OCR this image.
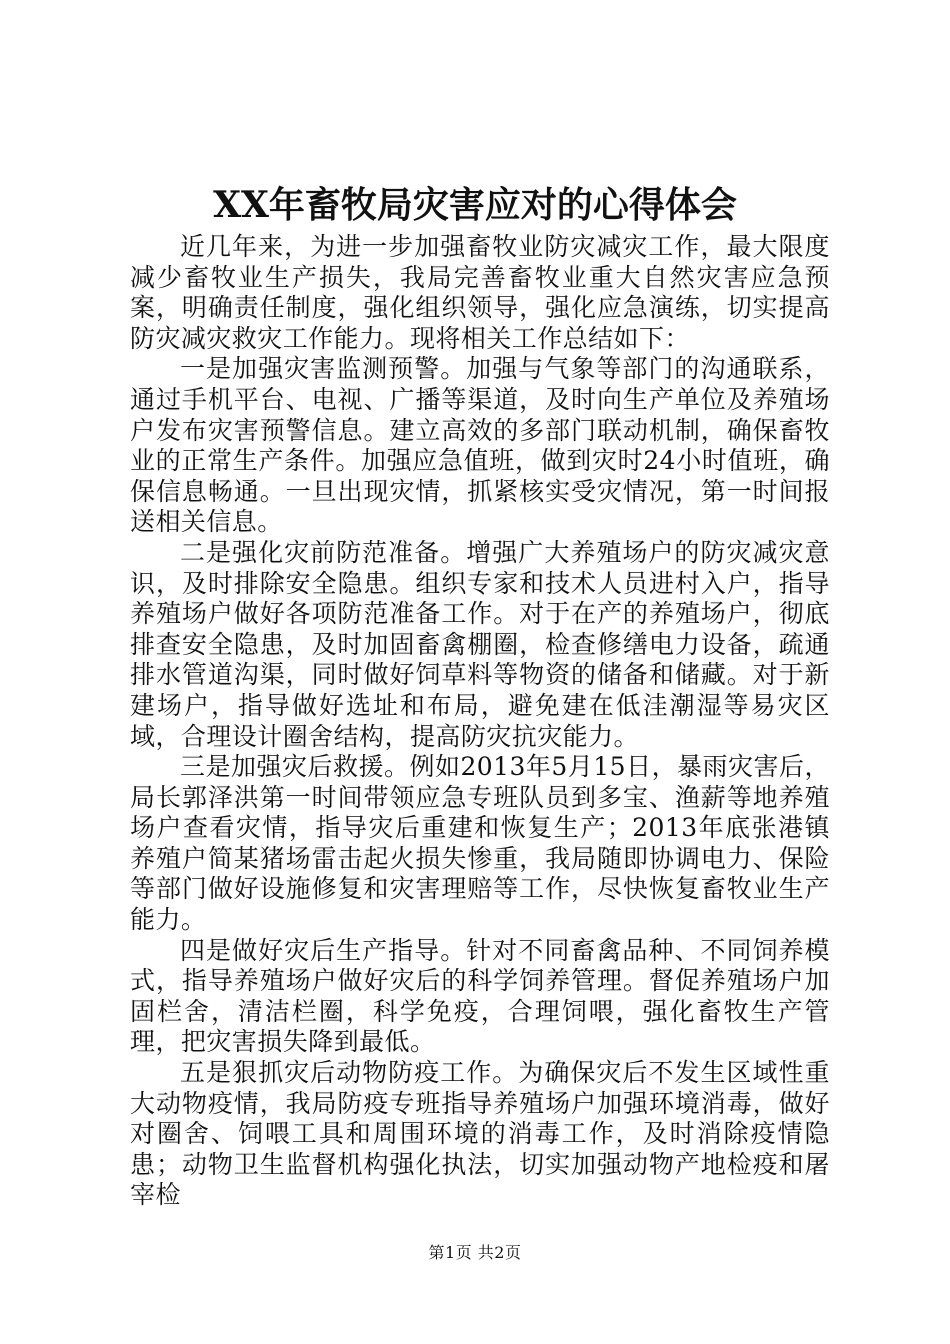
XX年畜牧局灾害应对的心得体会

近几年来，为进一步加强畜牧业防灾减灾工作，最大限度减少畜牧业生产损失，我局完善畜牧业重大自然灾害应急预案，明确责任制度，强化组织领导，强化应急演练，切实提高防灾减灾救灾工作能力。现将相关工作总结如下：

一是加强灾害监测预警。加强与气象等部门的沟通联系，通过手机平台、电视、广播等渠道，及时向生产单位及养殖场户发布灾害预警信息。建立高效的多部门联动机制，确保畜牧业的正常生产条件。加强应急值班，做到灾时24小时值班，确保信息畅通。一旦出现灾情，抓紧核实受灾情况，第一时间报送相关信息。

二是强化灾前防范准备。增强广大养殖场户的防灾减灾意识，及时排除安全隐患。组织专家和技术人员进村入户，指导养殖场户做好各项防范准备工作。对于在产的养殖场户，彻底排查安全隐患，及时加固畜禽棚圈，检查修缮电力设备，疏通排水管道沟渠，同时做好饲草料等物资的储备和储藏。对于新建场户，指导做好选址和布局，避免建在低洼潮湿等易灾区域，合理设计圈舍结构，提高防灾抗灾能力。

三是加强灾后救援。例如2013年5月15日，暴雨灾害后，局长郭泽洪第一时间带领应急专班队员到多宝、渔薪等地养殖场户查看灾情，指导灾后重建和恢复生产；2013年底张港镇养殖户简某猪场雷击起火损失惨重，我局随即协调电力、保险等部门做好设施修复和灾害理赔等工作，尽快恢复畜牧业生产能力。

四是做好灾后生产指导。针对不同畜禽品种、不同饲养模式，指导养殖场户做好灾后的科学饲养管理。督促养殖场户加固栏舍，清洁栏圈，科学免疫，合理饲喂，强化畜牧生产管理，把灾害损失降到最低。

五是狠抓灾后动物防疫工作。为确保灾后不发生区域性重大动物疫情，我局防疫专班指导养殖场户加强环境消毒，做好对圈舍、饲喂工具和周围环境的消毒工作，及时消除疫情隐患；动物卫生监督机构强化执法，切实加强动物产地检疫和屠宰检

第1页 共2页
